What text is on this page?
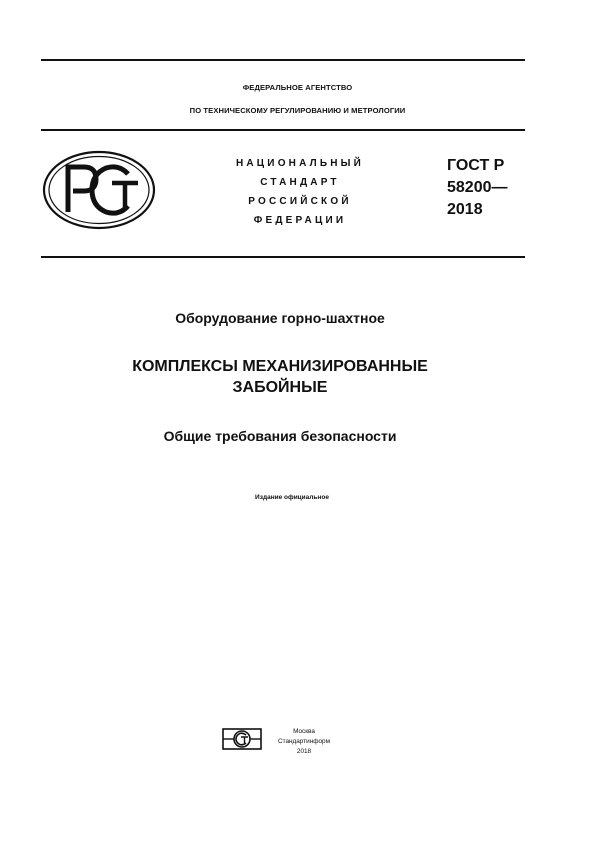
ФЕДЕРАЛЬНОЕ АГЕНТСТВО
ПО ТЕХНИЧЕСКОМУ РЕГУЛИРОВАНИЮ И МЕТРОЛОГИИ
НАЦИОНАЛЬНЫЙ
СТАНДАРТ
РОССИЙСКОЙ
ФЕДЕРАЦИИ
ГОСТ Р
58200—
2018
Оборудование горно-шахтное
КОМПЛЕКСЫ МЕХАНИЗИРОВАННЫЕ
ЗАБОЙНЫЕ
Общие требования безопасности
Издание официальное
Москва
Стандартинформ
2018
